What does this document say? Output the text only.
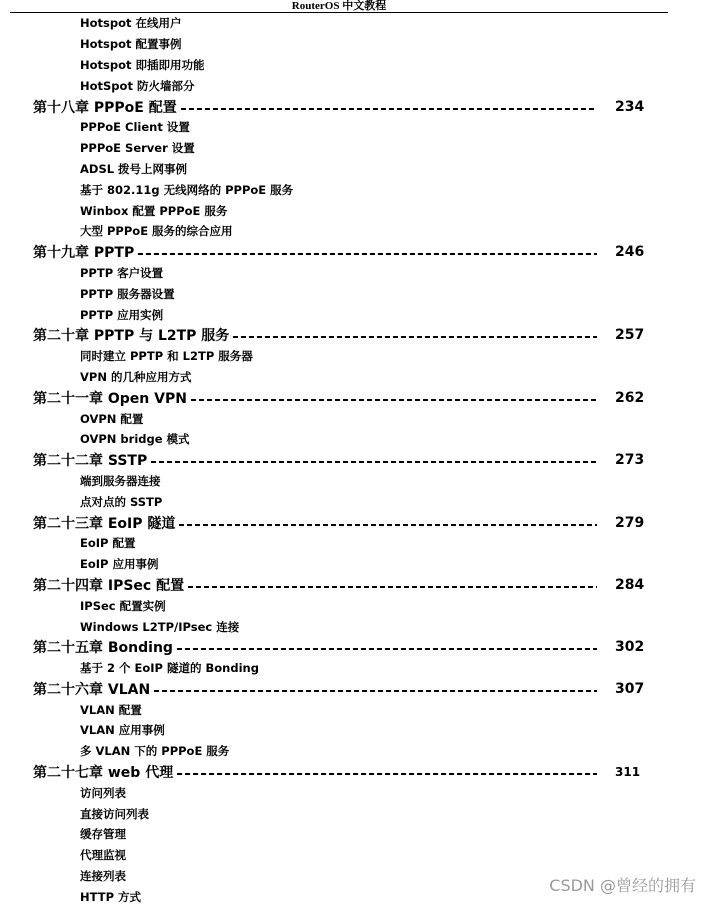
RouterOS 中文教程
Hotspot 在线用户
Hotspot 配置事例
Hotspot 即插即用功能
HotSpot 防火墙部分
第十八章 PPPoE 配置	234
PPPoE Client 设置
PPPoE Server 设置
ADSL 拨号上网事例
基于 802.11g 无线网络的 PPPoE 服务
Winbox 配置 PPPoE 服务
大型 PPPoE 服务的综合应用
第十九章 PPTP	246
PPTP 客户设置
PPTP 服务器设置
PPTP 应用实例
第二十章 PPTP 与 L2TP 服务	257
同时建立 PPTP 和 L2TP 服务器
VPN 的几种应用方式
第二十一章 Open VPN	262
OVPN 配置
OVPN bridge 模式
第二十二章 SSTP	273
端到服务器连接
点对点的 SSTP
第二十三章 EoIP 隧道	279
EoIP 配置
EoIP 应用事例
第二十四章 IPSec 配置	284
IPSec 配置实例
Windows L2TP/IPsec 连接
第二十五章 Bonding	302
基于 2 个 EoIP 隧道的 Bonding
第二十六章 VLAN	307
VLAN 配置
VLAN 应用事例
多 VLAN 下的 PPPoE 服务
第二十七章 web 代理	311
访问列表
直接访问列表
缓存管理
代理监视
连接列表
HTTP 方式
CSDN @曾经的拥有
